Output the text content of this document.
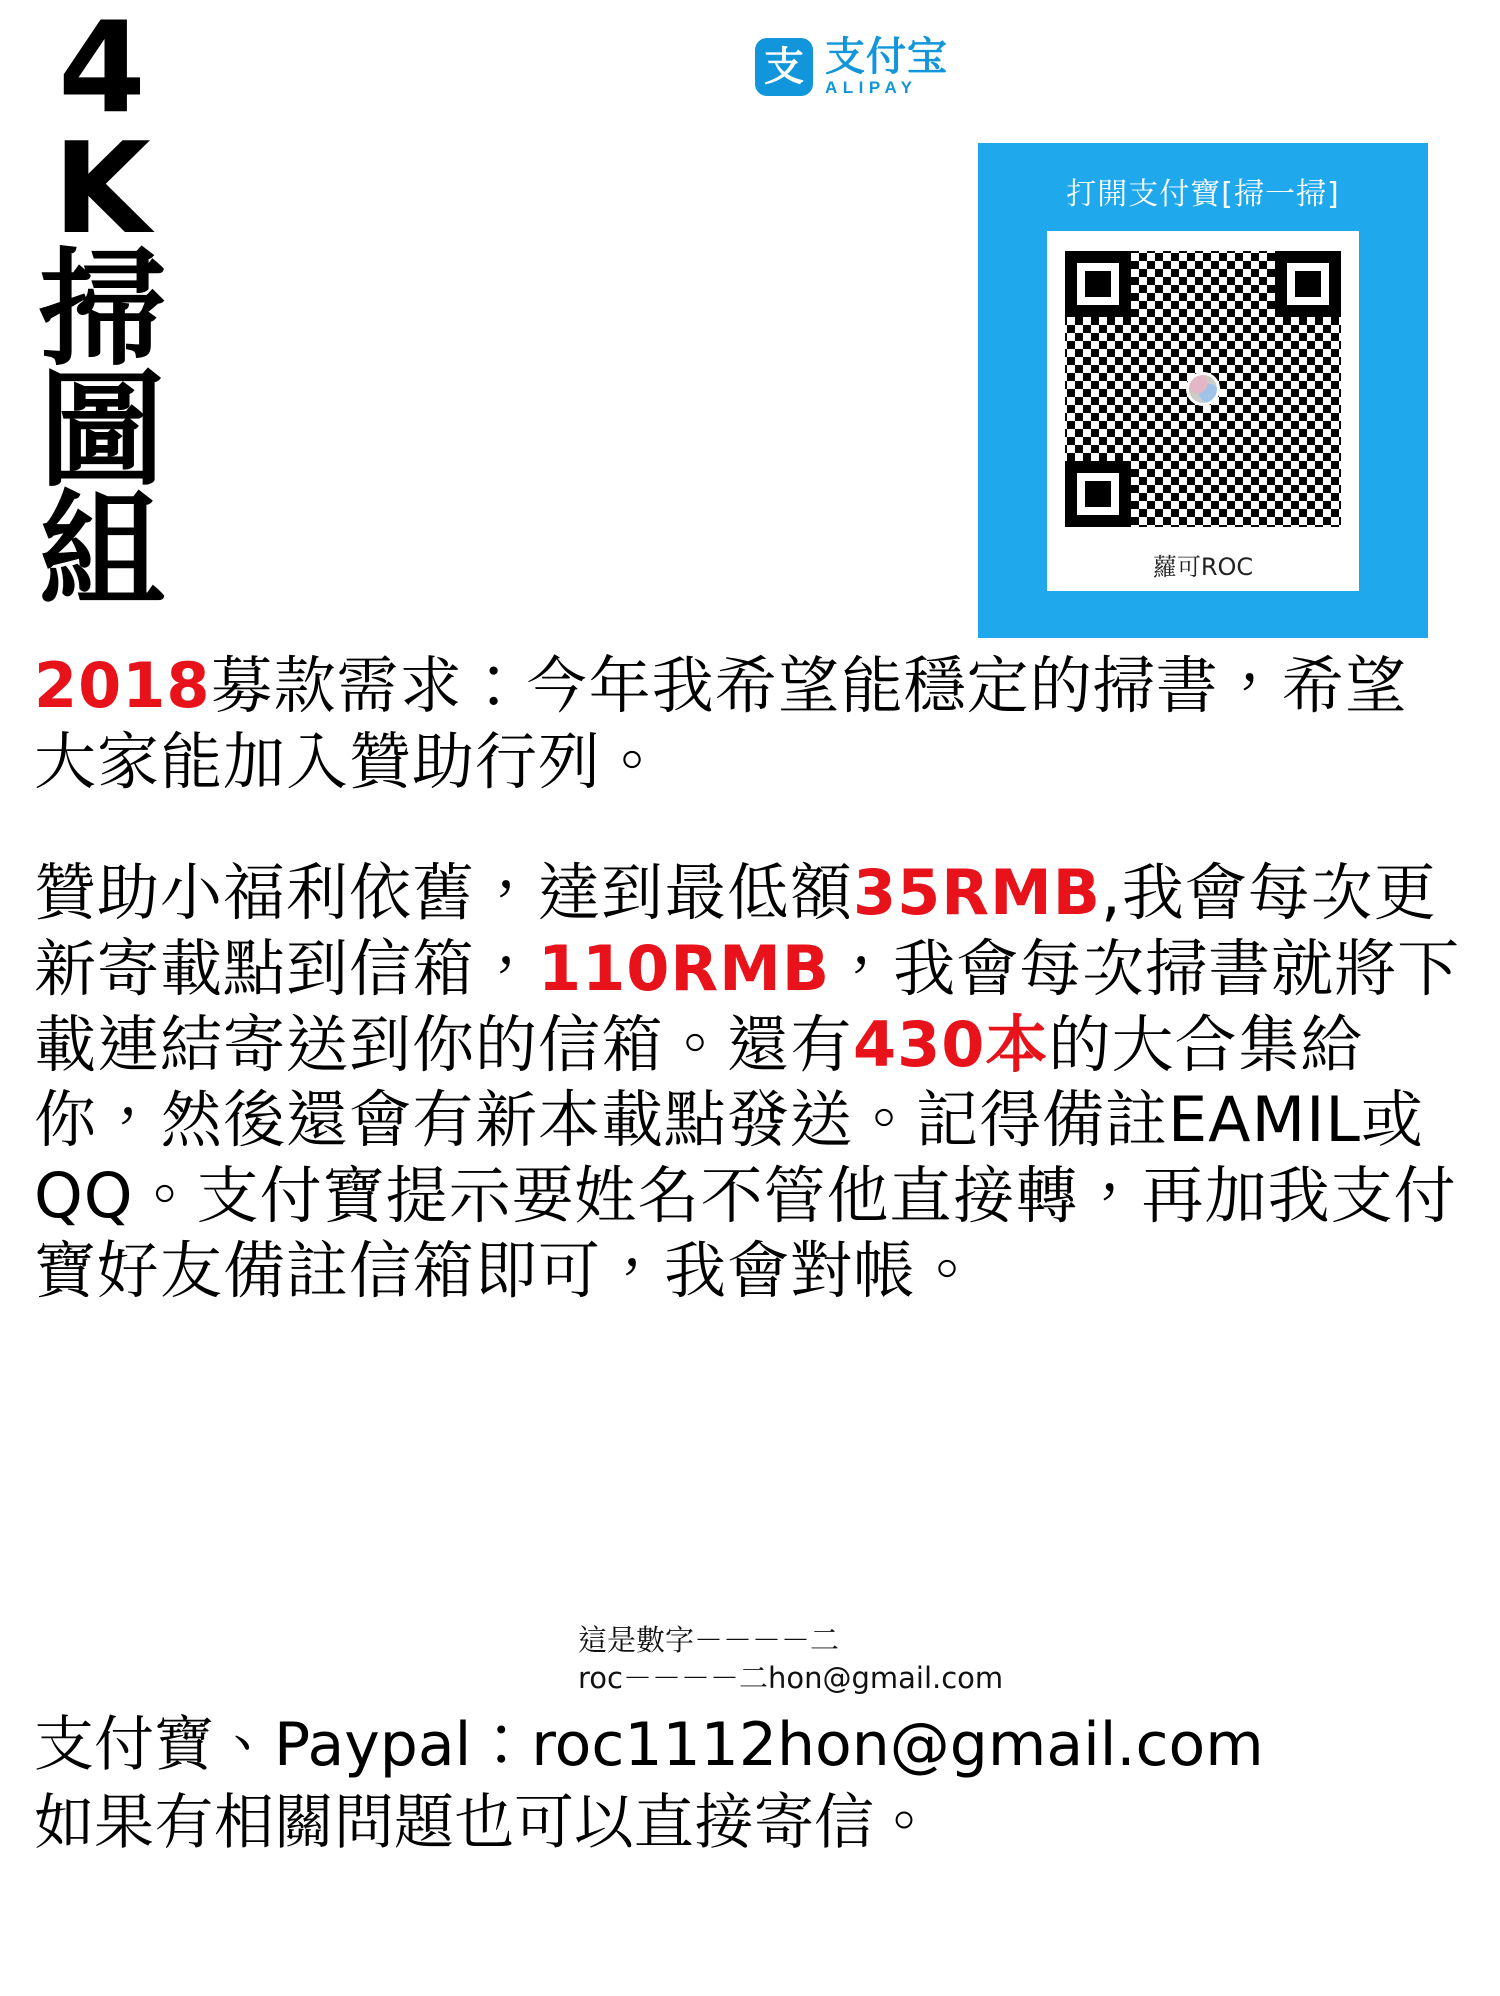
4
K
掃
圖
組
支 支付宝
ALIPAY
打開支付寶[掃一掃]
蘿可ROC

2018募款需求：今年我希望能穩定的掃書，希望大家能加入贊助行列。

贊助小福利依舊，達到最低額35RMB,我會每次更新寄載點到信箱，110RMB，我會每次掃書就將下載連結寄送到你的信箱。還有430本的大合集給你，然後還會有新本載點發送。記得備註EAMIL或QQ。支付寶提示要姓名不管他直接轉，再加我支付寶好友備註信箱即可，我會對帳。

這是數字－－－－二
roc－－－－二hon@gmail.com
支付寶、Paypal：roc1112hon@gmail.com
如果有相關問題也可以直接寄信。
